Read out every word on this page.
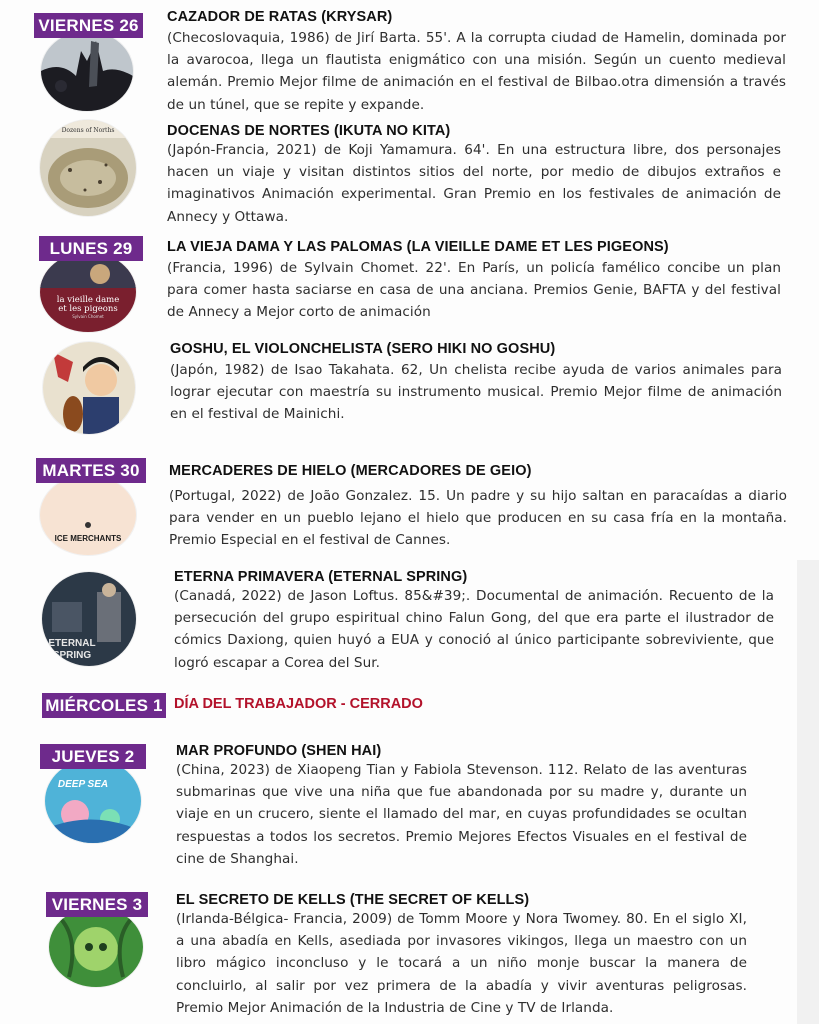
VIERNES 26	CAZADOR DE RATAS (KRYSAR)
(Checoslovaquia, 1986) de Jirí Barta. 55'. A la corrupta ciudad de Hamelin, dominada por la avarocoa, llega un flautista enigmático con una misión. Según un cuento medieval alemán. Premio Mejor filme de animación en el festival de Bilbao.otra dimensión a través de un túnel, que se repite y expande.
Dozens of Norths	DOCENAS DE NORTES (IKUTA NO KITA)
(Japón-Francia, 2021) de Koji Yamamura. 64'. En una estructura libre, dos personajes hacen un viaje y visitan distintos sitios del norte, por medio de dibujos extraños e imaginativos Animación experimental. Gran Premio en los festivales de animación de Annecy y Ottawa.
LUNES 29
la vieille dame
et les pigeons
Sylvain Chomet
LA VIEJA DAMA Y LAS PALOMAS (LA VIEILLE DAME ET LES PIGEONS)
(Francia, 1996) de Sylvain Chomet. 22'. En París, un policía famélico concibe un plan para comer hasta saciarse en casa de una anciana. Premios Genie, BAFTA y del festival de Annecy a Mejor corto de animación
GOSHU, EL VIOLONCHELISTA (SERO HIKI NO GOSHU)
(Japón, 1982) de Isao Takahata. 62, Un chelista recibe ayuda de varios animales para lograr ejecutar con maestría su instrumento musical. Premio Mejor filme de animación en el festival de Mainichi.
MARTES 30
ICE MERCHANTS
MERCADERES DE HIELO (MERCADORES DE GEIO)
(Portugal, 2022) de João Gonzalez. 15. Un padre y su hijo saltan en paracaídas a diario para vender en un pueblo lejano el hielo que producen en su casa fría en la montaña. Premio Especial en el festival de Cannes.
ETERNAL
SPRING
ETERNA PRIMAVERA (ETERNAL SPRING)
(Canadá, 2022) de Jason Loftus. 85&#39;. Documental de animación. Recuento de la persecución del grupo espiritual chino Falun Gong, del que era parte el ilustrador de cómics Daxiong, quien huyó a EUA y conoció al único participante sobreviviente, que logró escapar a Corea del Sur.
MIÉRCOLES 1 DÍA DEL TRABAJADOR - CERRADO
JUEVES 2
DEEP SEA
MAR PROFUNDO (SHEN HAI)
(China, 2023) de Xiaopeng Tian y Fabiola Stevenson. 112. Relato de las aventuras submarinas que vive una niña que fue abandonada por su madre y, durante un viaje en un crucero, siente el llamado del mar, en cuyas profundidades se ocultan respuestas a todos los secretos. Premio Mejores Efectos Visuales en el festival de cine de Shanghai.
VIERNES 3	EL SECRETO DE KELLS (THE SECRET OF KELLS)
(Irlanda-Bélgica- Francia, 2009) de Tomm Moore y Nora Twomey. 80. En el siglo XI, a una abadía en Kells, asediada por invasores vikingos, llega un maestro con un libro mágico inconcluso y le tocará a un niño monje buscar la manera de concluirlo, al salir por vez primera de la abadía y vivir aventuras peligrosas. Premio Mejor Animación de la Industria de Cine y TV de Irlanda.
